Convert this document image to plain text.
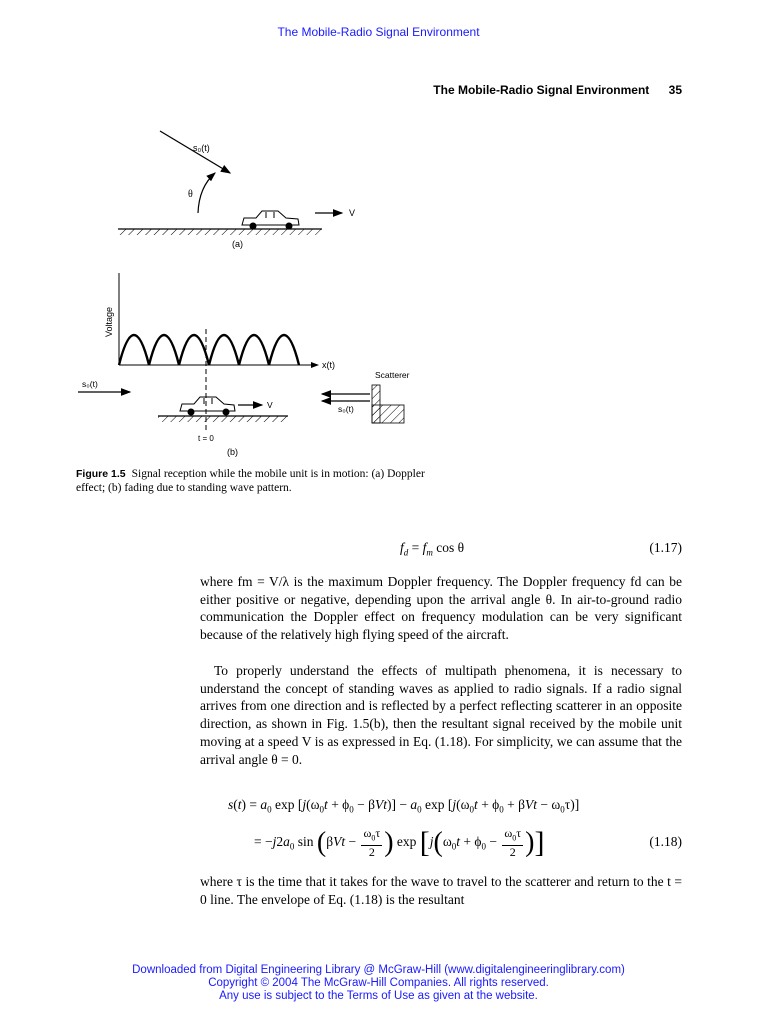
The Mobile-Radio Signal Environment
The Mobile-Radio Signal Environment 35
s₀(t)
θ
V
(a)
Voltage
x(t)
t = 0
s₀(t)
V
Scatterer
s₀(t)
(b)
Figure 1.5 Signal reception while the mobile unit is in motion: (a) Doppler effect; (b) fading due to standing wave pattern.
$f_d = f_m$ cos θ	(1.17)

where fm = V/λ is the maximum Doppler frequency. The Doppler frequency fd can be either positive or negative, depending upon the arrival angle θ. In air-to-ground radio communication the Doppler effect on frequency modulation can be very significant because of the relatively high flying speed of the aircraft.

To properly understand the effects of multipath phenomena, it is necessary to understand the concept of standing waves as applied to radio signals. If a radio signal arrives from one direction and is reflected by a perfect reflecting scatterer in an opposite direction, as shown in Fig. 1.5(b), then the resultant signal received by the mobile unit moving at a speed V is as expressed in Eq. (1.18). For simplicity, we can assume that the arrival angle θ = 0.

$s(t) = a_0$ $\exp [j(\omega_0t + \phi_0 - \beta Vt)] - a_0$ $\exp [j(\omega_0t + \phi_0 + \beta Vt - \omega_0\tau)]$
= $-j2a_0$ $\sin (\beta Vt - \frac{\omega_0\tau}{2}$ ) $\exp [j(\omega_0t + \phi_0 - \frac{\omega_0\tau}{2}$ )]	(1.18)

where τ is the time that it takes for the wave to travel to the scatterer and return to the t = 0 line. The envelope of Eq. (1.18) is the resultant

Downloaded from Digital Engineering Library @ McGraw-Hill (www.digitalengineeringlibrary.com)
Copyright © 2004 The McGraw-Hill Companies. All rights reserved.
Any use is subject to the Terms of Use as given at the website.
